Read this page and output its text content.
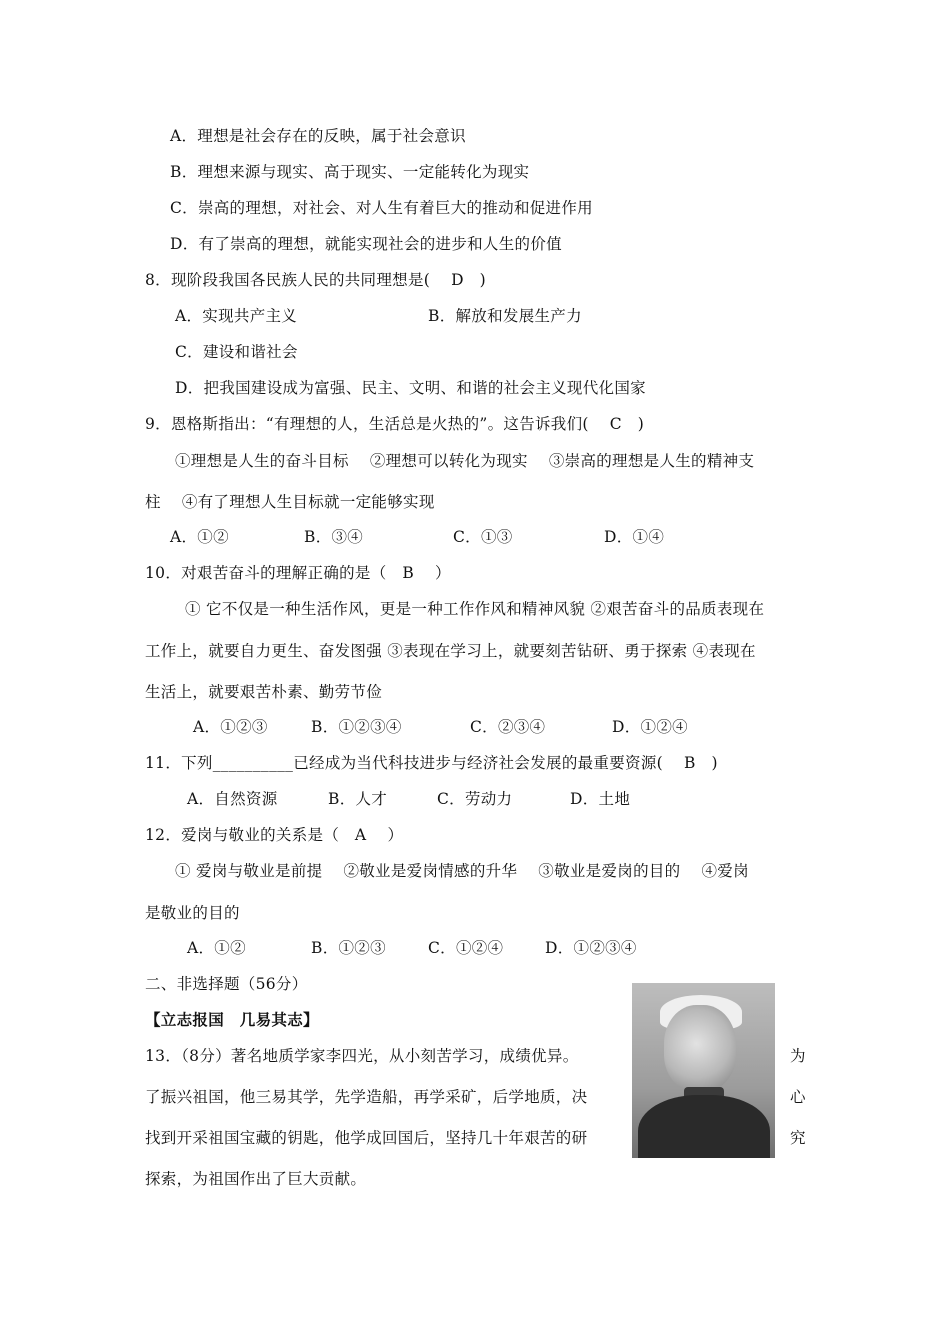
A．理想是社会存在的反映，属于社会意识
B．理想来源与现实、高于现实、一定能转化为现实
C．崇高的理想，对社会、对人生有着巨大的推动和促进作用
D．有了崇高的理想，就能实现社会的进步和人生的价值
8．现阶段我国各民族人民的共同理想是(　 D　)
A．实现共产主义	B．解放和发展生产力
C．建设和谐社会
D．把我国建设成为富强、民主、文明、和谐的社会主义现代化国家
9．恩格斯指出：“有理想的人，生活总是火热的”。这告诉我们(　 C　)
①理想是人生的奋斗目标　 ②理想可以转化为现实　 ③崇高的理想是人生的精神支
柱　 ④有了理想人生目标就一定能够实现
A．①②	B．③④	C．①③	D．①④
10．对艰苦奋斗的理解正确的是（　B　 ）
① 它不仅是一种生活作风，更是一种工作作风和精神风貌 ②艰苦奋斗的品质表现在
工作上，就要自力更生、奋发图强 ③表现在学习上，就要刻苦钻研、勇于探索 ④表现在
生活上，就要艰苦朴素、勤劳节俭
A．①②③	B．①②③④	C．②③④	D．①②④
11．下列__________已经成为当代科技进步与经济社会发展的最重要资源(　 B　)
A．自然资源	B．人才	C．劳动力	D．土地
12．爱岗与敬业的关系是（　A　 ）
① 爱岗与敬业是前提　 ②敬业是爱岗情感的升华　 ③敬业是爱岗的目的　 ④爱岗
是敬业的目的
A．①②	B．①②③	C．①②④	D．①②③④
二、非选择题（56分）
【立志报国　几易其志】
13．（8分）著名地质学家李四光，从小刻苦学习，成绩优异。	为
了振兴祖国，他三易其学，先学造船，再学采矿，后学地质，决	心
找到开采祖国宝藏的钥匙，他学成回国后，坚持几十年艰苦的研	究
探索，为祖国作出了巨大贡献。
